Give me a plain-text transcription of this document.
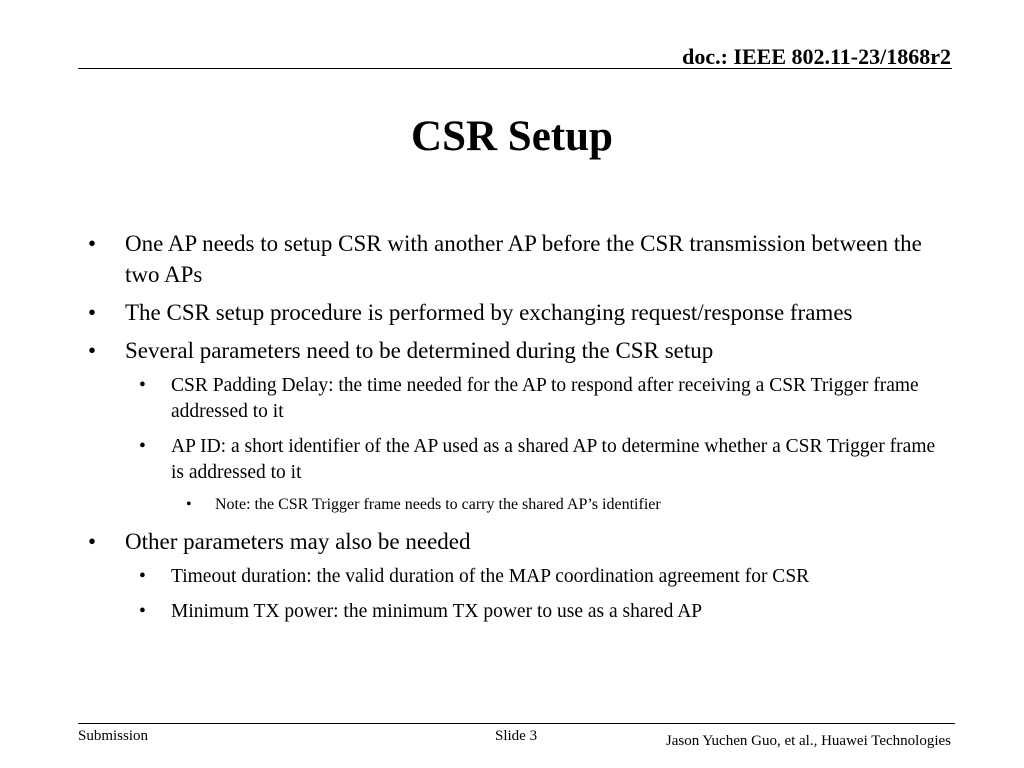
doc.: IEEE 802.11-23/1868r2
CSR Setup
• One AP needs to setup CSR with another AP before the CSR transmission between the two APs
• The CSR setup procedure is performed by exchanging request/response frames
• Several parameters need to be determined during the CSR setup
• CSR Padding Delay: the time needed for the AP to respond after receiving a CSR Trigger frame addressed to it
• AP ID: a short identifier of the AP used as a shared AP to determine whether a CSR Trigger frame is addressed to it
• Note: the CSR Trigger frame needs to carry the shared AP’s identifier
• Other parameters may also be needed
• Timeout duration: the valid duration of the MAP coordination agreement for CSR
• Minimum TX power: the minimum TX power to use as a shared AP
Submission	Slide 3	Jason Yuchen Guo, et al., Huawei Technologies
